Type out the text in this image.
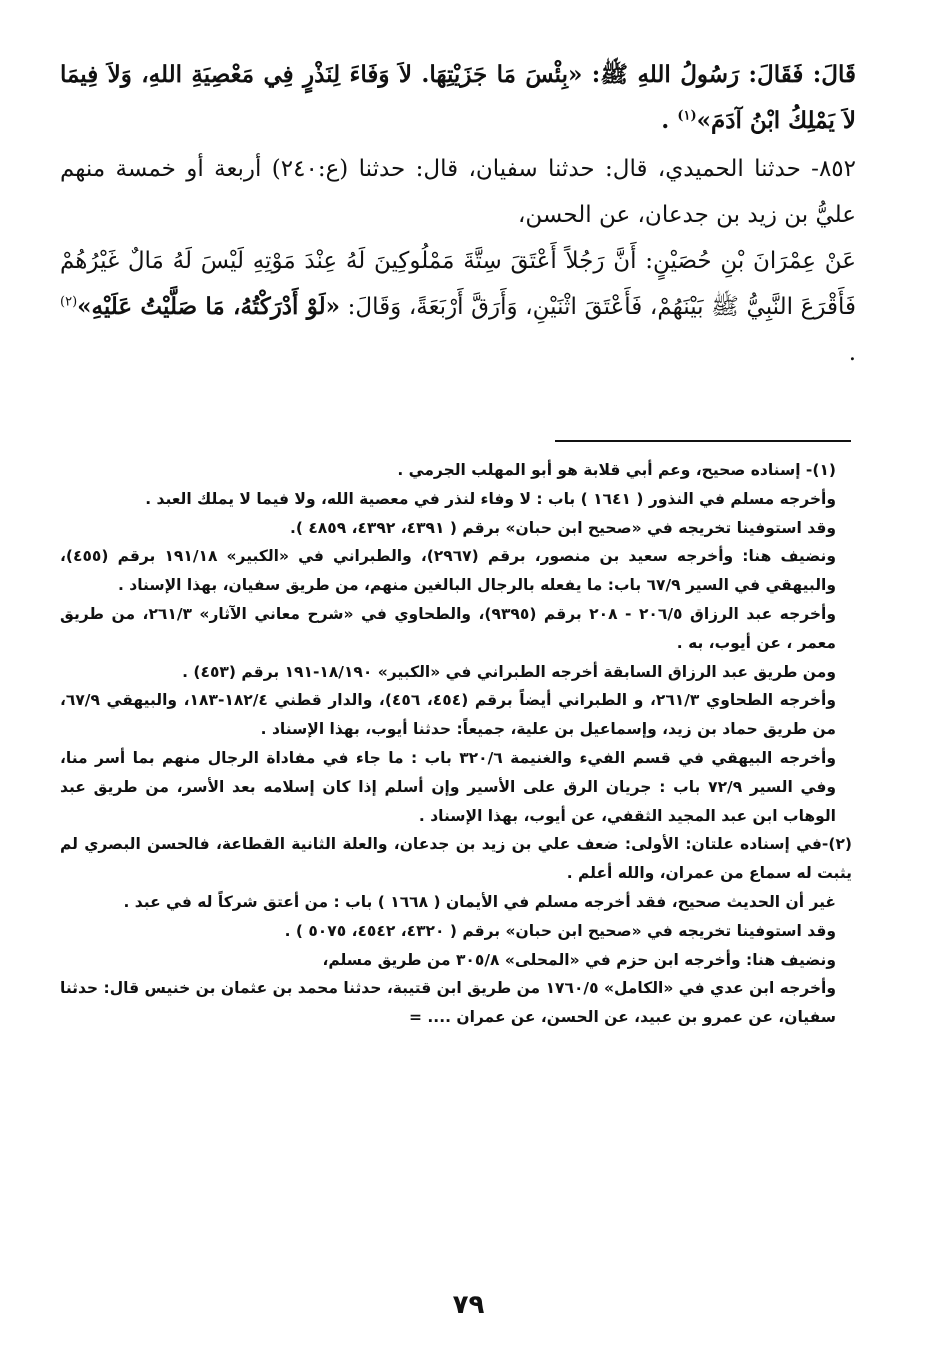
قَالَ: فَقَالَ: رَسُولُ اللهِ ﷺ: «بِئْسَ مَا جَزَيْتِهَا. لاَ وَفَاءَ لِنَذْرٍ فِي مَعْصِيَةِ اللهِ، وَلاَ فِيمَا لاَ يَمْلِكُ ابْنُ آدَمَ»$^{(١)}$ .

٨٥٢- حدثنا الحميدي، قال: حدثنا سفيان، قال: حدثنا (ع:٢٤٠) أربعة أو خمسة منهم عليُّ بن زيد بن جدعان، عن الحسن،

عَنْ عِمْرَانَ بْنِ حُصَيْنٍ: أَنَّ رَجُلاً أَعْتَقَ سِتَّةَ مَمْلُوكِينَ لَهُ عِنْدَ مَوْتِهِ لَيْسَ لَهُ مَالٌ غَيْرُهُمْ فَأَقْرَعَ النَّبِيُّ ﷺ بَيْنَهُمْ، فَأَعْتَقَ اثْنَيْنِ، وَأَرَقَّ أَرْبَعَةً، وَقَالَ: «لَوْ أَدْرَكْتُهُ، مَا صَلَّيْتُ عَلَيْهِ»$^{(٢)}$ .

(١)- إسناده صحيح، وعم أبي قلابة هو أبو المهلب الجرمي .

وأخرجه مسلم في النذور ( ١٦٤١ ) باب : لا وفاء لنذر في معصية الله، ولا فيما لا يملك العبد .

وقد استوفينا تخريجه في «صحيح ابن حبان» برقم ( ٤٣٩١، ٤٣٩٢، ٤٨٥٩ ).

ونضيف هنا: وأخرجه سعيد بن منصور، برقم (٢٩٦٧)، والطبراني في «الكبير» ١٩١/١٨ برقم (٤٥٥)، والبيهقي في السير ٦٧/٩ باب: ما يفعله بالرجال البالغين منهم، من طريق سفيان، بهذا الإسناد .

وأخرجه عبد الرزاق ٢٠٦/٥ - ٢٠٨ برقم (٩٣٩٥)، والطحاوي في «شرح معاني الآثار» ٢٦١/٣، من طريق معمر ، عن أيوب، به .

ومن طريق عبد الرزاق السابقة أخرجه الطبراني في «الكبير» ١٨/١٩٠-١٩١ برقم (٤٥٣) .

وأخرجه الطحاوي ٢٦١/٣، و الطبراني أيضاً برقم (٤٥٤، ٤٥٦)، والدار قطني ١٨٢/٤-١٨٣، والبيهقي ٦٧/٩، من طريق حماد بن زيد، وإسماعيل بن علية، جميعاً: حدثنا أيوب، بهذا الإسناد .

وأخرجه البيهقي في قسم الفيء والغنيمة ٣٢٠/٦ باب : ما جاء في مفاداة الرجال منهم بما أسر منا، وفي السير ٧٢/٩ باب : جريان الرق على الأسير وإن أسلم إذا كان إسلامه بعد الأسر، من طريق عبد الوهاب ابن عبد المجيد الثقفي، عن أيوب، بهذا الإسناد .

(٢)-في إسناده علتان: الأولى: ضعف علي بن زيد بن جدعان، والعلة الثانية القطاعة، فالحسن البصري لم يثبت له سماع من عمران، والله أعلم .

غير أن الحديث صحيح، فقد أخرجه مسلم في الأيمان ( ١٦٦٨ ) باب : من أعتق شركاً له في عبد .

وقد استوفينا تخريجه في «صحيح ابن حبان» برقم ( ٤٣٢٠، ٤٥٤٢، ٥٠٧٥ ) .

ونضيف هنا: وأخرجه ابن حزم في «المحلى» ٣٠٥/٨ من طريق مسلم،

وأخرجه ابن عدي في «الكامل» ١٧٦٠/٥ من طريق ابن قتيبة، حدثنا محمد بن عثمان بن خنيس قال: حدثنا سفيان، عن عمرو بن عبيد، عن الحسن، عن عمران .... =

٧٩
